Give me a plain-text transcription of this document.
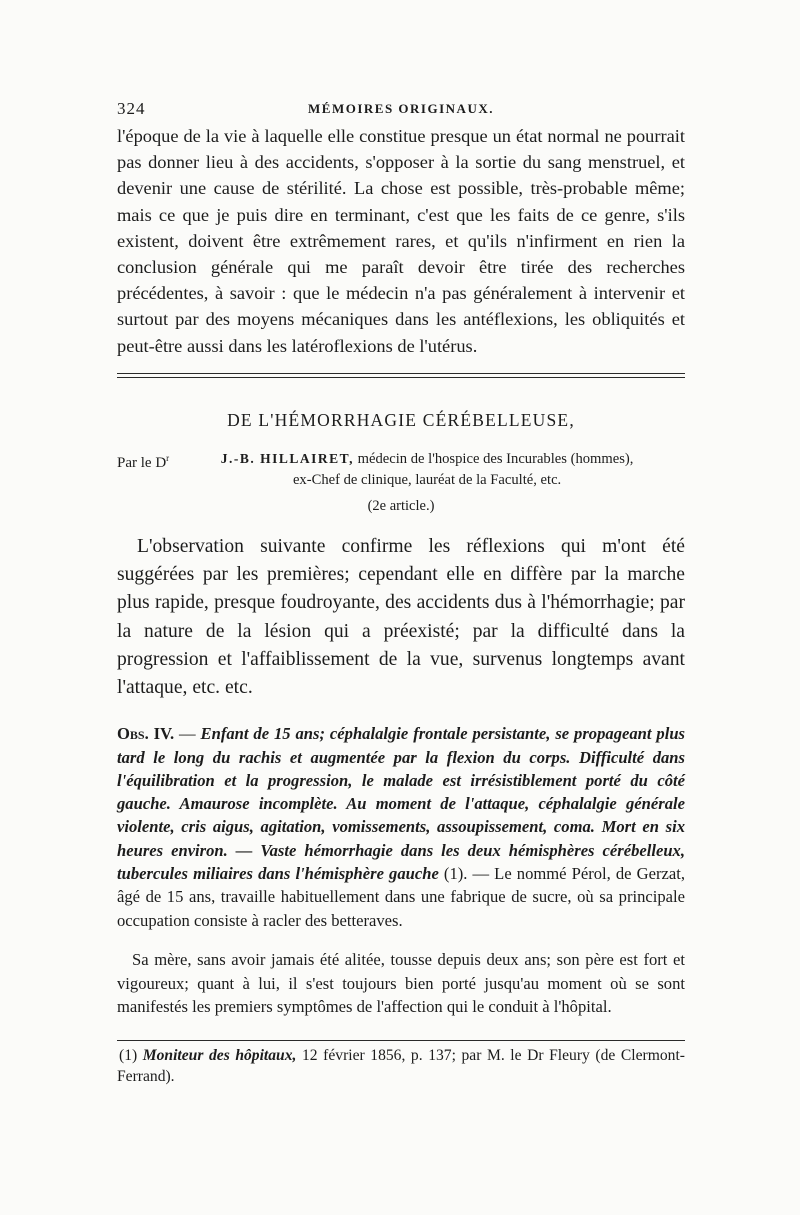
324	MÉMOIRES ORIGINAUX.

l'époque de la vie à laquelle elle constitue presque un état normal ne pourrait pas donner lieu à des accidents, s'opposer à la sortie du sang menstruel, et devenir une cause de stérilité. La chose est possible, très-probable même; mais ce que je puis dire en terminant, c'est que les faits de ce genre, s'ils existent, doivent être extrêmement rares, et qu'ils n'infirment en rien la conclusion générale qui me paraît devoir être tirée des recherches précédentes, à savoir : que le médecin n'a pas généralement à intervenir et surtout par des moyens mécaniques dans les antéflexions, les obliquités et peut-être aussi dans les latéroflexions de l'utérus.

DE L'HÉMORRHAGIE CÉRÉBELLEUSE,
Par le $D^r$	J.-B. HILLAIRET, médecin de l'hospice des Incurables (hommes),
ex-Chef de clinique, lauréat de la Faculté, etc.
(2e article.)

L'observation suivante confirme les réflexions qui m'ont été suggérées par les premières; cependant elle en diffère par la marche plus rapide, presque foudroyante, des accidents dus à l'hémorrhagie; par la nature de la lésion qui a préexisté; par la difficulté dans la progression et l'affaiblissement de la vue, survenus longtemps avant l'attaque, etc. etc.

Obs. IV. — Enfant de 15 ans; céphalalgie frontale persistante, se propageant plus tard le long du rachis et augmentée par la flexion du corps. Difficulté dans l'équilibration et la progression, le malade est irrésistiblement porté du côté gauche. Amaurose incomplète. Au moment de l'attaque, céphalalgie générale violente, cris aigus, agitation, vomissements, assoupissement, coma. Mort en six heures environ. — Vaste hémorrhagie dans les deux hémisphères cérébelleux, tubercules miliaires dans l'hémisphère gauche (1). — Le nommé Pérol, de Gerzat, âgé de 15 ans, travaille habituellement dans une fabrique de sucre, où sa principale occupation consiste à racler des betteraves.

Sa mère, sans avoir jamais été alitée, tousse depuis deux ans; son père est fort et vigoureux; quant à lui, il s'est toujours bien porté jusqu'au moment où se sont manifestés les premiers symptômes de l'affection qui le conduit à l'hôpital.

(1) Moniteur des hôpitaux, 12 février 1856, p. 137; par M. le Dr Fleury (de Clermont-Ferrand).
